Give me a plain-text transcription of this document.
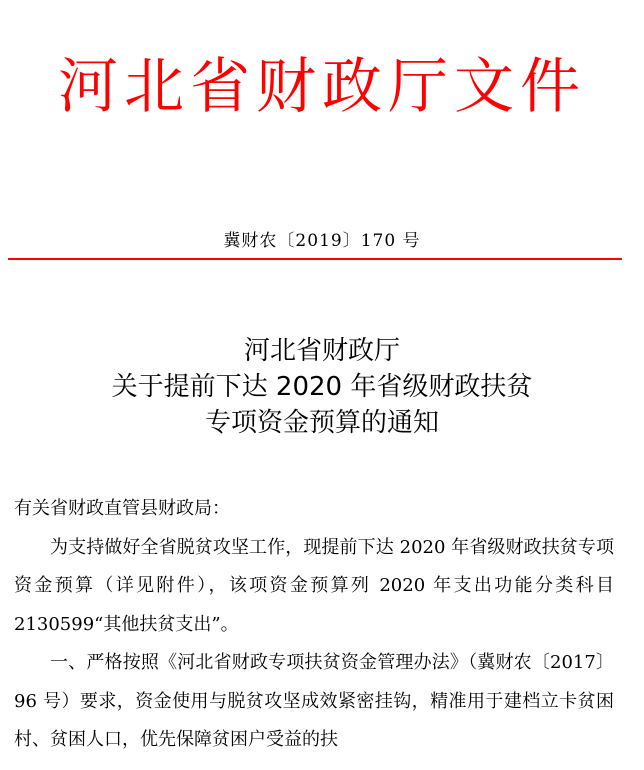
河北省财政厅文件
冀财农〔2019〕170 号
河北省财政厅
关于提前下达 2020 年省级财政扶贫
专项资金预算的通知

有关省财政直管县财政局：

为支持做好全省脱贫攻坚工作，现提前下达 2020 年省级财政扶贫专项资金预算（详见附件），该项资金预算列 2020 年支出功能分类科目 2130599“其他扶贫支出”。

一、严格按照《河北省财政专项扶贫资金管理办法》（冀财农〔2017〕96 号）要求，资金使用与脱贫攻坚成效紧密挂钩，精准用于建档立卡贫困村、贫困人口，优先保障贫困户受益的扶
